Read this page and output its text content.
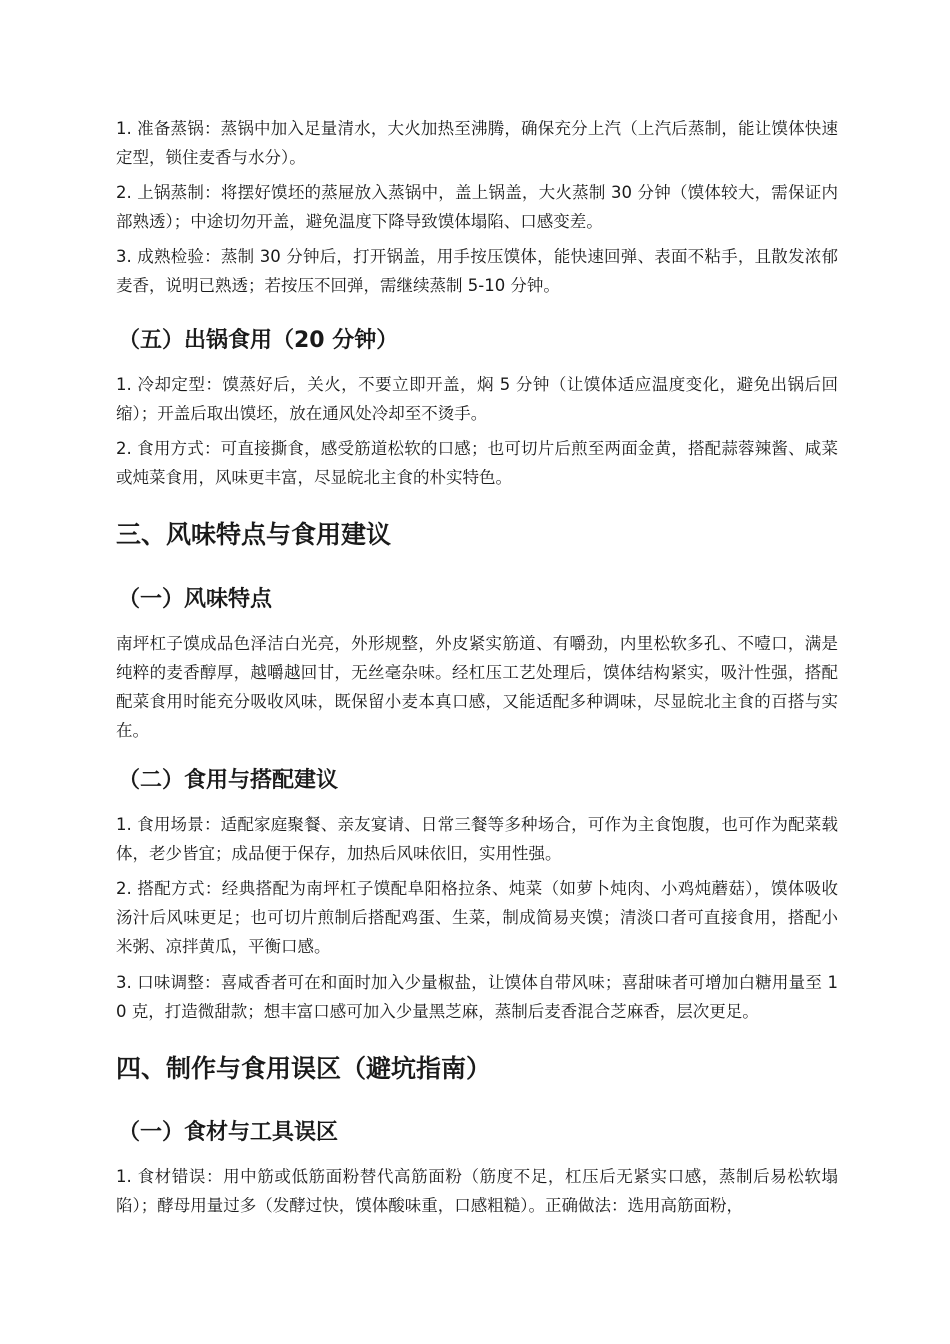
1. 准备蒸锅：蒸锅中加入足量清水，大火加热至沸腾，确保充分上汽（上汽后蒸制，能让馍体快速定型，锁住麦香与水分）。

2. 上锅蒸制：将摆好馍坯的蒸屉放入蒸锅中，盖上锅盖，大火蒸制 30 分钟（馍体较大，需保证内部熟透）；中途切勿开盖，避免温度下降导致馍体塌陷、口感变差。

3. 成熟检验：蒸制 30 分钟后，打开锅盖，用手按压馍体，能快速回弹、表面不粘手，且散发浓郁麦香，说明已熟透；若按压不回弹，需继续蒸制 5-10 分钟。

（五）出锅食用（20 分钟）

1. 冷却定型：馍蒸好后，关火，不要立即开盖，焖 5 分钟（让馍体适应温度变化，避免出锅后回缩）；开盖后取出馍坯，放在通风处冷却至不烫手。

2. 食用方式：可直接撕食，感受筋道松软的口感；也可切片后煎至两面金黄，搭配蒜蓉辣酱、咸菜或炖菜食用，风味更丰富，尽显皖北主食的朴实特色。

三、风味特点与食用建议
（一）风味特点

南坪杠子馍成品色泽洁白光亮，外形规整，外皮紧实筋道、有嚼劲，内里松软多孔、不噎口，满是纯粹的麦香醇厚，越嚼越回甘，无丝毫杂味。经杠压工艺处理后，馍体结构紧实，吸汁性强，搭配配菜食用时能充分吸收风味，既保留小麦本真口感，又能适配多种调味，尽显皖北主食的百搭与实在。

（二）食用与搭配建议

1. 食用场景：适配家庭聚餐、亲友宴请、日常三餐等多种场合，可作为主食饱腹，也可作为配菜载体，老少皆宜；成品便于保存，加热后风味依旧，实用性强。

2. 搭配方式：经典搭配为南坪杠子馍配阜阳格拉条、炖菜（如萝卜炖肉、小鸡炖蘑菇），馍体吸收汤汁后风味更足；也可切片煎制后搭配鸡蛋、生菜，制成简易夹馍；清淡口者可直接食用，搭配小米粥、凉拌黄瓜，平衡口感。

3. 口味调整：喜咸香者可在和面时加入少量椒盐，让馍体自带风味；喜甜味者可增加白糖用量至 10 克，打造微甜款；想丰富口感可加入少量黑芝麻，蒸制后麦香混合芝麻香，层次更足。

四、制作与食用误区（避坑指南）
（一）食材与工具误区

1. 食材错误：用中筋或低筋面粉替代高筋面粉（筋度不足，杠压后无紧实口感，蒸制后易松软塌陷）；酵母用量过多（发酵过快，馍体酸味重，口感粗糙）。正确做法：选用高筋面粉，
